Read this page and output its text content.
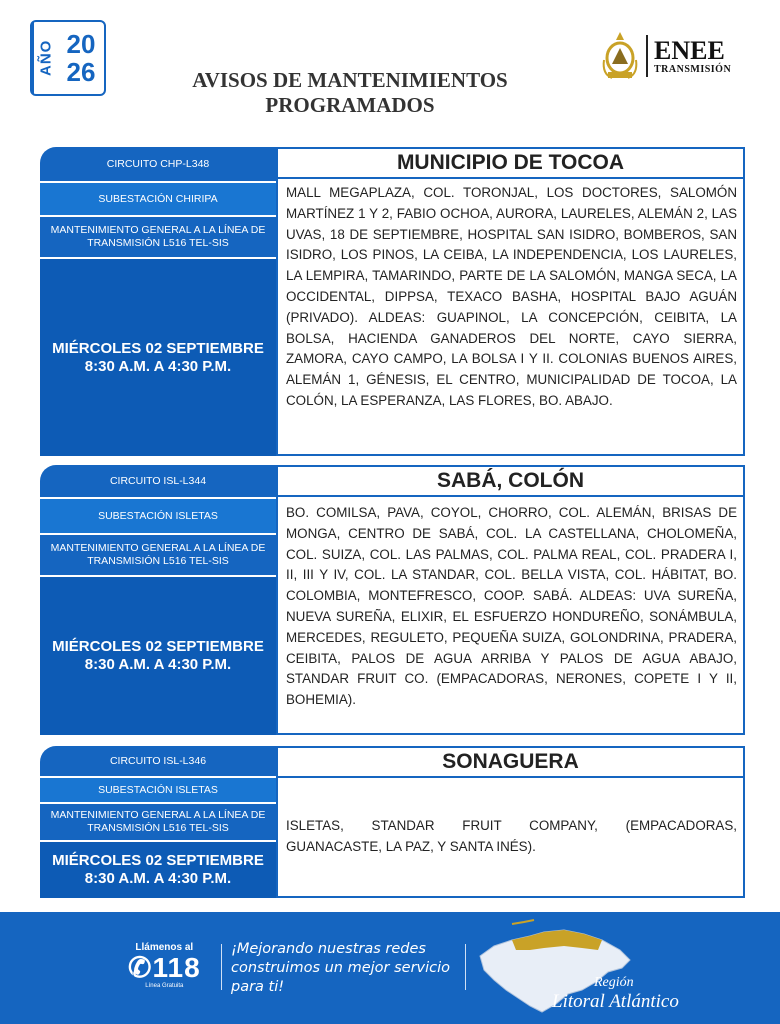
AÑO 20
26	AVISOS DE MANTENIMIENTOS
PROGRAMADOS
ENEE
TRANSMISIÓN
CIRCUITO CHP-L348
SUBESTACIÓN CHIRIPA
MANTENIMIENTO GENERAL A LA LÍNEA DE TRANSMISIÓN L516 TEL-SIS
MIÉRCOLES 02 SEPTIEMBRE
8:30 A.M. A 4:30 P.M.
MUNICIPIO DE TOCOA
MALL MEGAPLAZA, COL. TORONJAL, LOS DOCTORES, SALOMÓN MARTÍNEZ 1 Y 2, FABIO OCHOA, AURORA, LAURELES, ALEMÁN 2, LAS UVAS, 18 DE SEPTIEMBRE, HOSPITAL SAN ISIDRO, BOMBEROS, SAN ISIDRO, LOS PINOS, LA CEIBA, LA INDEPENDENCIA, LOS LAURELES, LA LEMPIRA, TAMARINDO, PARTE DE LA SALOMÓN, MANGA SECA, LA OCCIDENTAL, DIPPSA, TEXACO BASHA, HOSPITAL BAJO AGUÁN (PRIVADO). ALDEAS: GUAPINOL, LA CONCEPCIÓN, CEIBITA, LA BOLSA, HACIENDA GANADEROS DEL NORTE, CAYO SIERRA, ZAMORA, CAYO CAMPO, LA BOLSA I Y II. COLONIAS BUENOS AIRES, ALEMÁN 1, GÉNESIS, EL CENTRO, MUNICIPALIDAD DE TOCOA, LA COLÓN, LA ESPERANZA, LAS FLORES, BO. ABAJO.
CIRCUITO ISL-L344
SUBESTACIÓN ISLETAS
MANTENIMIENTO GENERAL A LA LÍNEA DE TRANSMISIÓN L516 TEL-SIS
MIÉRCOLES 02 SEPTIEMBRE
8:30 A.M. A 4:30 P.M.
SABÁ, COLÓN
BO. COMILSA, PAVA, COYOL, CHORRO, COL. ALEMÁN, BRISAS DE MONGA, CENTRO DE SABÁ, COL. LA CASTELLANA, CHOLOMEÑA, COL. SUIZA, COL. LAS PALMAS, COL. PALMA REAL, COL. PRADERA I, II, III Y IV, COL. LA STANDAR, COL. BELLA VISTA, COL. HÁBITAT, BO. COLOMBIA, MONTEFRESCO, COOP. SABÁ. ALDEAS: UVA SUREÑA, NUEVA SUREÑA, ELIXIR, EL ESFUERZO HONDUREÑO, SONÁMBULA, MERCEDES, REGULETO, PEQUEÑA SUIZA, GOLONDRINA, PRADERA, CEIBITA, PALOS DE AGUA ARRIBA Y PALOS DE AGUA ABAJO, STANDAR FRUIT CO. (EMPACADORAS, NERONES, COPETE I Y II, BOHEMIA).
CIRCUITO ISL-L346
SUBESTACIÓN ISLETAS
MANTENIMIENTO GENERAL A LA LÍNEA DE TRANSMISIÓN L516 TEL-SIS
MIÉRCOLES 02 SEPTIEMBRE
8:30 A.M. A 4:30 P.M.
SONAGUERA
ISLETAS, STANDAR FRUIT COMPANY, (EMPACADORAS, GUANACASTE, LA PAZ, Y SANTA INÉS).
Llámenos al
✆118
Línea Gratuita
¡Mejorando nuestras redes construimos un mejor servicio para ti!	Región
Litoral Atlántico
